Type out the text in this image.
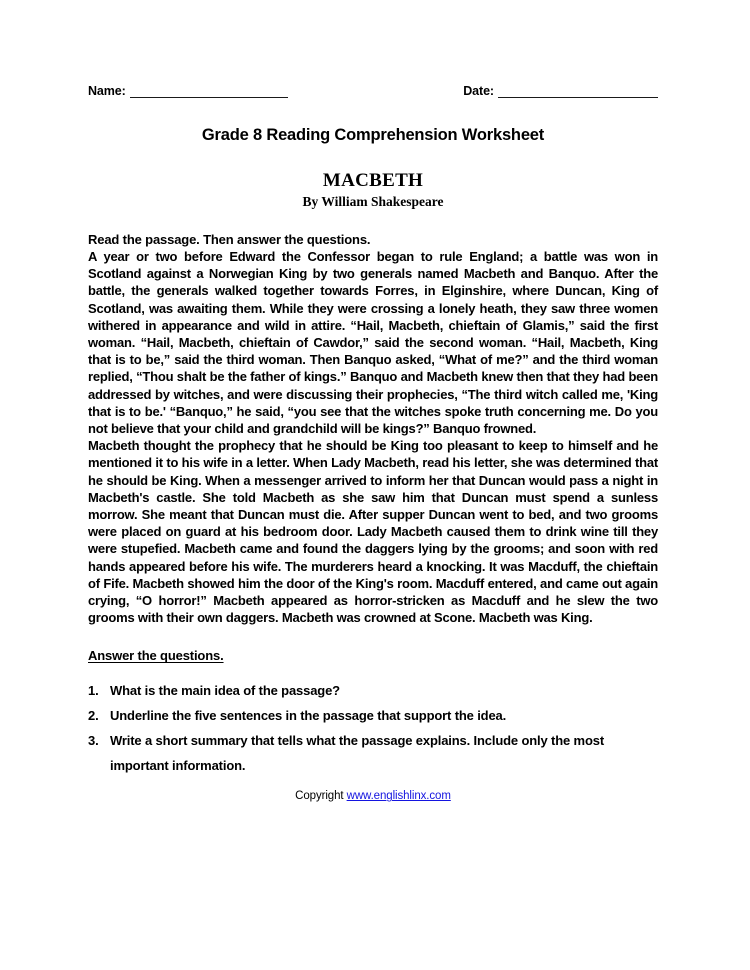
Name:	Date:
Grade 8 Reading Comprehension Worksheet
MACBETH
By William Shakespeare
Read the passage. Then answer the questions.
A year or two before Edward the Confessor began to rule England; a battle was won in Scotland against a Norwegian King by two generals named Macbeth and Banquo. After the battle, the generals walked together towards Forres, in Elginshire, where Duncan, King of Scotland, was awaiting them. While they were crossing a lonely heath, they saw three women withered in appearance and wild in attire. “Hail, Macbeth, chieftain of Glamis,” said the first woman. “Hail, Macbeth, chieftain of Cawdor,” said the second woman. “Hail, Macbeth, King that is to be,” said the third woman. Then Banquo asked, “What of me?” and the third woman replied, “Thou shalt be the father of kings.” Banquo and Macbeth knew then that they had been addressed by witches, and were discussing their prophecies, “The third witch called me, 'King that is to be.' “Banquo,” he said, “you see that the witches spoke truth concerning me. Do you not believe that your child and grandchild will be kings?” Banquo frowned.
Macbeth thought the prophecy that he should be King too pleasant to keep to himself and he mentioned it to his wife in a letter. When Lady Macbeth, read his letter, she was determined that he should be King. When a messenger arrived to inform her that Duncan would pass a night in Macbeth's castle. She told Macbeth as she saw him that Duncan must spend a sunless morrow. She meant that Duncan must die. After supper Duncan went to bed, and two grooms were placed on guard at his bedroom door. Lady Macbeth caused them to drink wine till they were stupefied. Macbeth came and found the daggers lying by the grooms; and soon with red hands appeared before his wife. The murderers heard a knocking. It was Macduff, the chieftain of Fife. Macbeth showed him the door of the King's room. Macduff entered, and came out again crying, “O horror!” Macbeth appeared as horror-stricken as Macduff and he slew the two grooms with their own daggers. Macbeth was crowned at Scone. Macbeth was King.
Answer the questions.
1. What is the main idea of the passage?
2. Underline the five sentences in the passage that support the idea.
3. Write a short summary that tells what the passage explains. Include only the most important information.
Copyright www.englishlinx.com
